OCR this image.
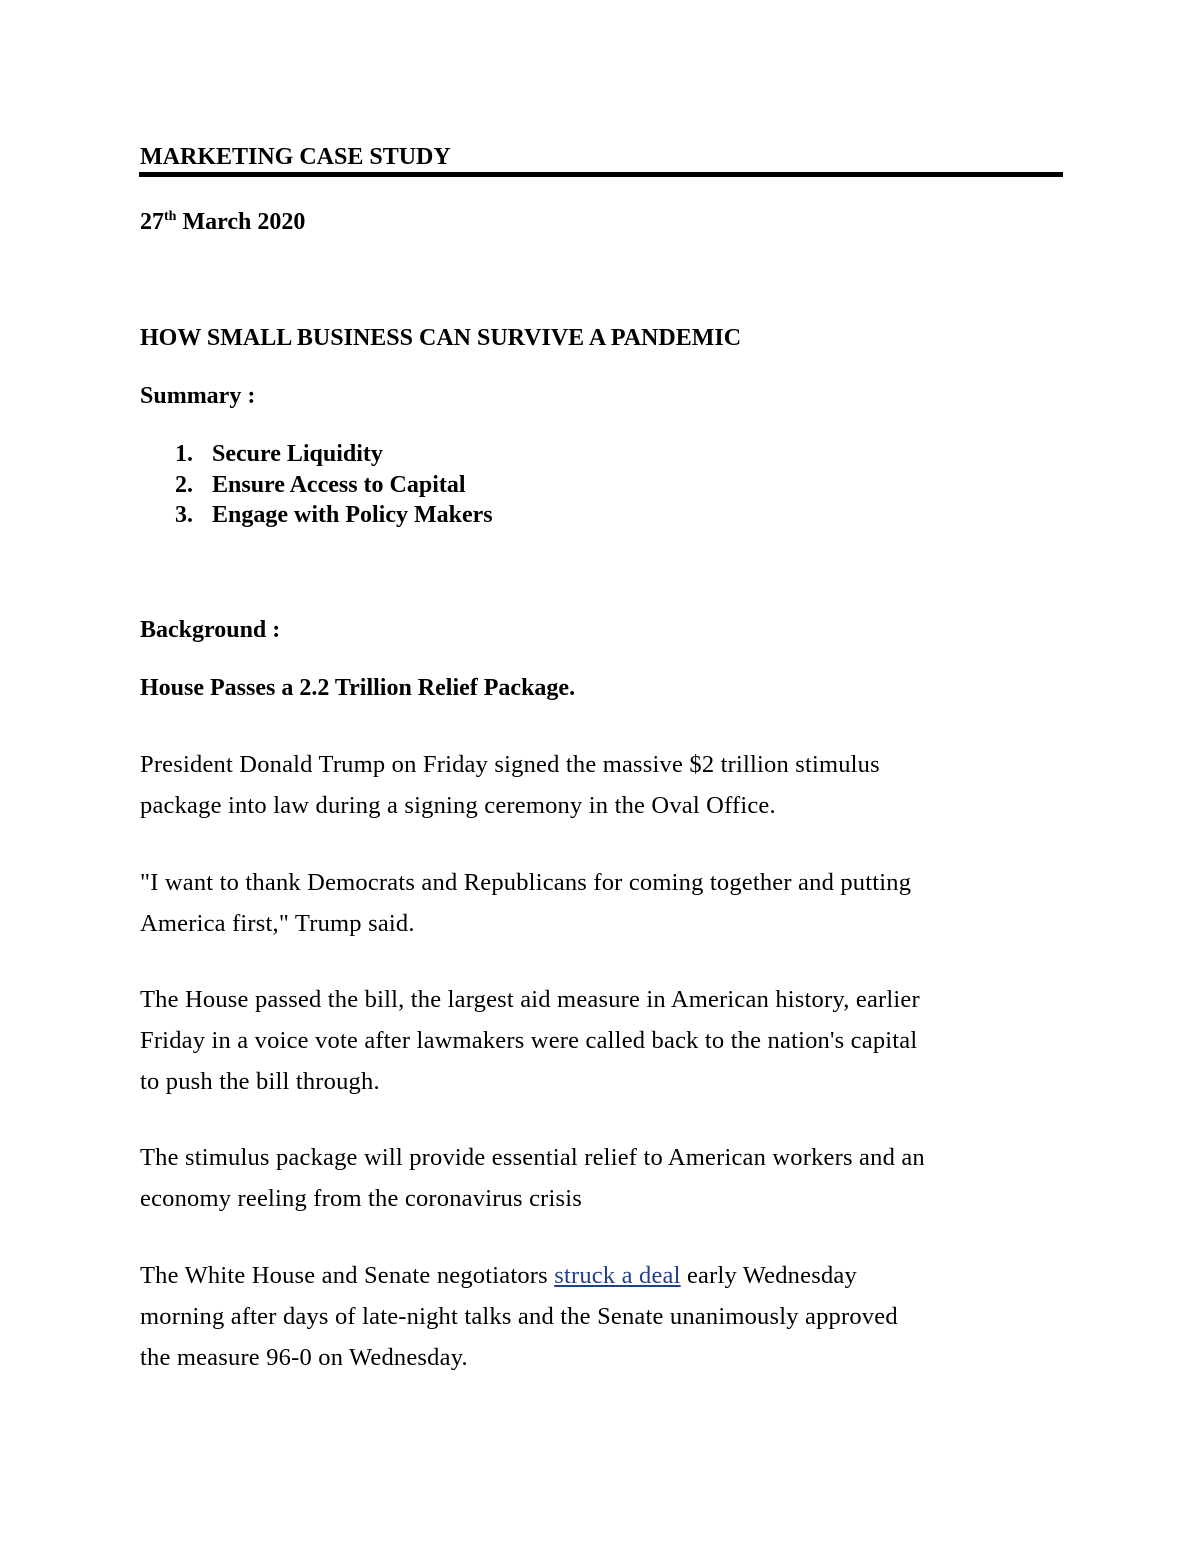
MARKETING CASE STUDY
27th March 2020
HOW SMALL BUSINESS CAN SURVIVE A PANDEMIC
Summary :
1. Secure Liquidity
2. Ensure Access to Capital
3. Engage with Policy Makers
Background :
House Passes a 2.2 Trillion Relief Package.

President Donald Trump on Friday signed the massive $2 trillion stimulus
package into law during a signing ceremony in the Oval Office.

"I want to thank Democrats and Republicans for coming together and putting
America first," Trump said.

The House passed the bill, the largest aid measure in American history, earlier
Friday in a voice vote after lawmakers were called back to the nation's capital
to push the bill through.

The stimulus package will provide essential relief to American workers and an
economy reeling from the coronavirus crisis

The White House and Senate negotiators struck a deal early Wednesday
morning after days of late-night talks and the Senate unanimously approved
the measure 96-0 on Wednesday.
